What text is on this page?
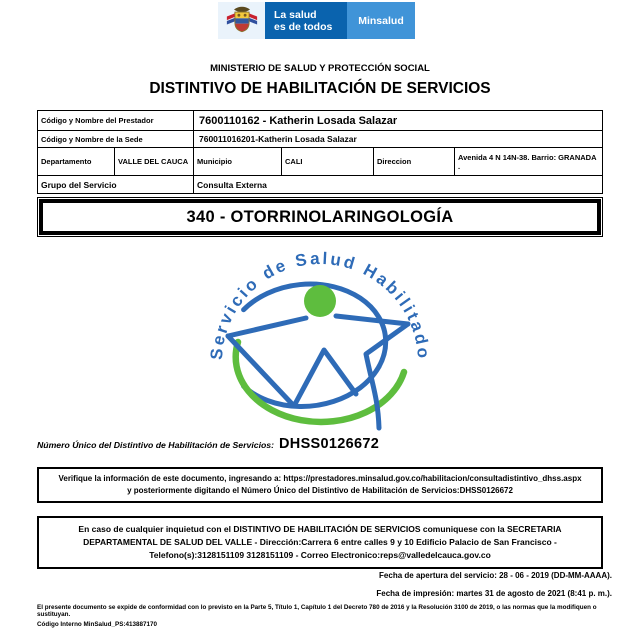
La salud
es de todos	Minsalud
MINISTERIO DE SALUD Y PROTECCIÓN SOCIAL
DISTINTIVO DE HABILITACIÓN DE SERVICIOS
Código y Nombre del Prestador	7600110162 - Katherin Losada Salazar
Código y Nombre de la Sede	760011016201-Katherin Losada Salazar
Departamento	VALLE DEL CAUCA	Municipio	CALI	Direccion	Avenida 4 N 14N-38. Barrio: GRANADA .
Grupo del Servicio	Consulta Externa
340 - OTORRINOLARINGOLOGÍA
Servicio de Salud Habilitado
Número Único del Distintivo de Habilitación de Servicios: DHSS0126672
Verifique la información de este documento, ingresando a: https://prestadores.minsalud.gov.co/habilitacion/consultadistintivo_dhss.aspx
y posteriormente digitando el Número Único del Distintivo de Habilitación de Servicios:DHSS0126672
En caso de cualquier inquietud con el DISTINTIVO DE HABILITACIÓN DE SERVICIOS comuniquese con la SECRETARIA DEPARTAMENTAL DE SALUD DEL VALLE - Dirección:Carrera 6 entre calles 9 y 10 Edificio Palacio de San Francisco - Telefono(s):3128151109 3128151109 - Correo Electronico:reps@valledelcauca.gov.co
Fecha de apertura del servicio: 28 - 06 - 2019 (DD-MM-AAAA).
Fecha de impresión: martes 31 de agosto de 2021 (8:41 p. m.).
El presente documento se expide de conformidad con lo previsto en la Parte 5, Título 1, Capítulo 1 del Decreto 780 de 2016 y la Resolución 3100 de 2019, o las normas que la modifiquen o sustituyan.
Código Interno MinSalud_PS:413887170
